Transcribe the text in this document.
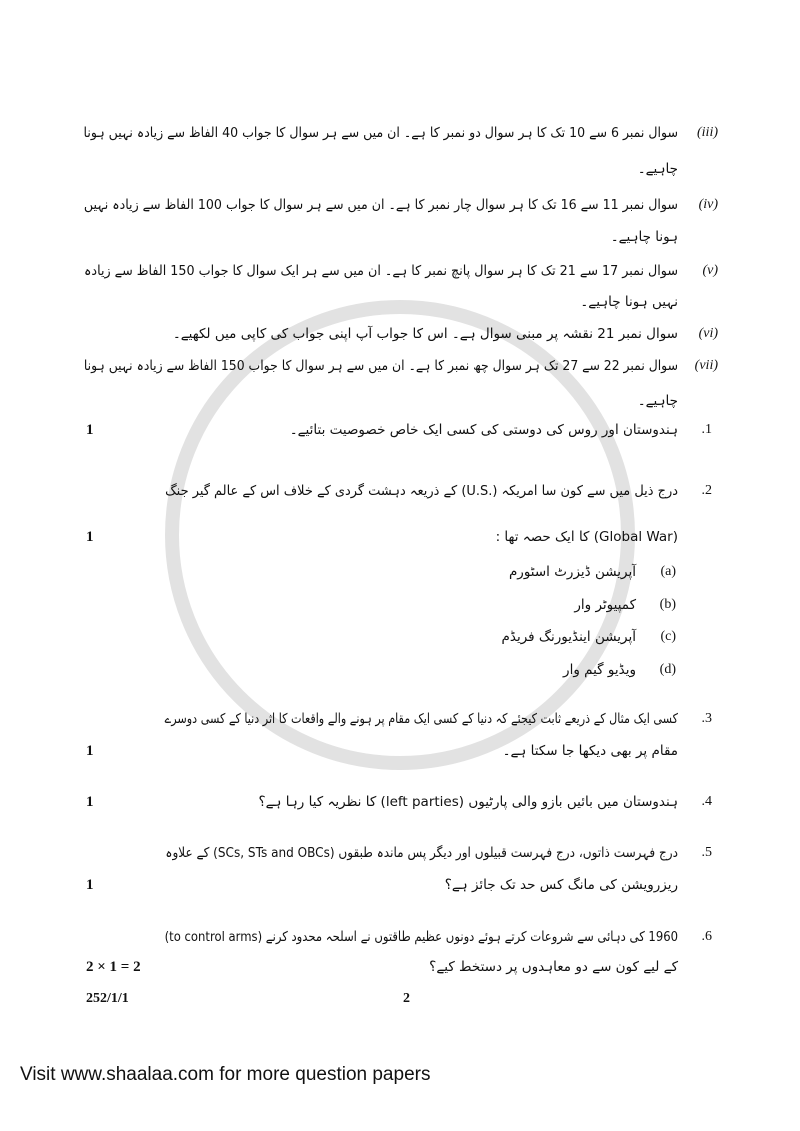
(iii)
سوال نمبر 6 سے 10 تک کا ہر سوال دو نمبر کا ہے۔ ان میں سے ہر سوال کا جواب 40 الفاظ سے زیادہ نہیں ہونا
چاہیے۔
(iv)
سوال نمبر 11 سے 16 تک کا ہر سوال چار نمبر کا ہے۔ ان میں سے ہر سوال کا جواب 100 الفاظ سے زیادہ نہیں
ہونا چاہیے۔
(v)
سوال نمبر 17 سے 21 تک کا ہر سوال پانچ نمبر کا ہے۔ ان میں سے ہر ایک سوال کا جواب 150 الفاظ سے زیادہ
نہیں ہونا چاہیے۔
(vi)
سوال نمبر 21 نقشہ پر مبنی سوال ہے۔ اس کا جواب آپ اپنی جواب کی کاپی میں لکھیے۔
(vii)
سوال نمبر 22 سے 27 تک ہر سوال چھ نمبر کا ہے۔ ان میں سے ہر سوال کا جواب 150 الفاظ سے زیادہ نہیں ہونا
چاہیے۔
.1
1	ہندوستان اور روس کی دوستی کی کسی ایک خاص خصوصیت بتائیے۔
.2
1
درج ذیل میں سے کون سا امریکہ (.U.S) کے ذریعہ دہشت گردی کے خلاف اس کے عالم گیر جنگ
(Global War) کا ایک حصہ تھا :
(a)
آپریشن ڈیزرٹ اسٹورم
(b)
کمپیوٹر وار
(c)
آپریشن اینڈیورنگ فریڈم
(d)
ویڈیو گیم وار
.3
1
کسی ایک مثال کے ذریعے ثابت کیجئے کہ دنیا کے کسی ایک مقام پر ہونے والے واقعات کا اثر دنیا کے کسی دوسرے
مقام پر بھی دیکھا جا سکتا ہے۔
.4
1	ہندوستان میں بائیں بازو والی پارٹیوں (left parties) کا نظریہ کیا رہا ہے؟
.5
1
درج فہرست ذاتوں، درج فہرست قبیلوں اور دیگر پس ماندہ طبقوں (SCs, STs and OBCs) کے علاوہ
ریزرویشن کی مانگ کس حد تک جائز ہے؟
.6
2 × 1 = 2
1960 کی دہائی سے شروعات کرتے ہوئے دونوں عظیم طاقتوں نے اسلحہ محدود کرنے (to control arms)
کے لیے کون سے دو معاہدوں پر دستخط کیے؟
252/1/1	2
Visit www.shaalaa.com for more question papers
